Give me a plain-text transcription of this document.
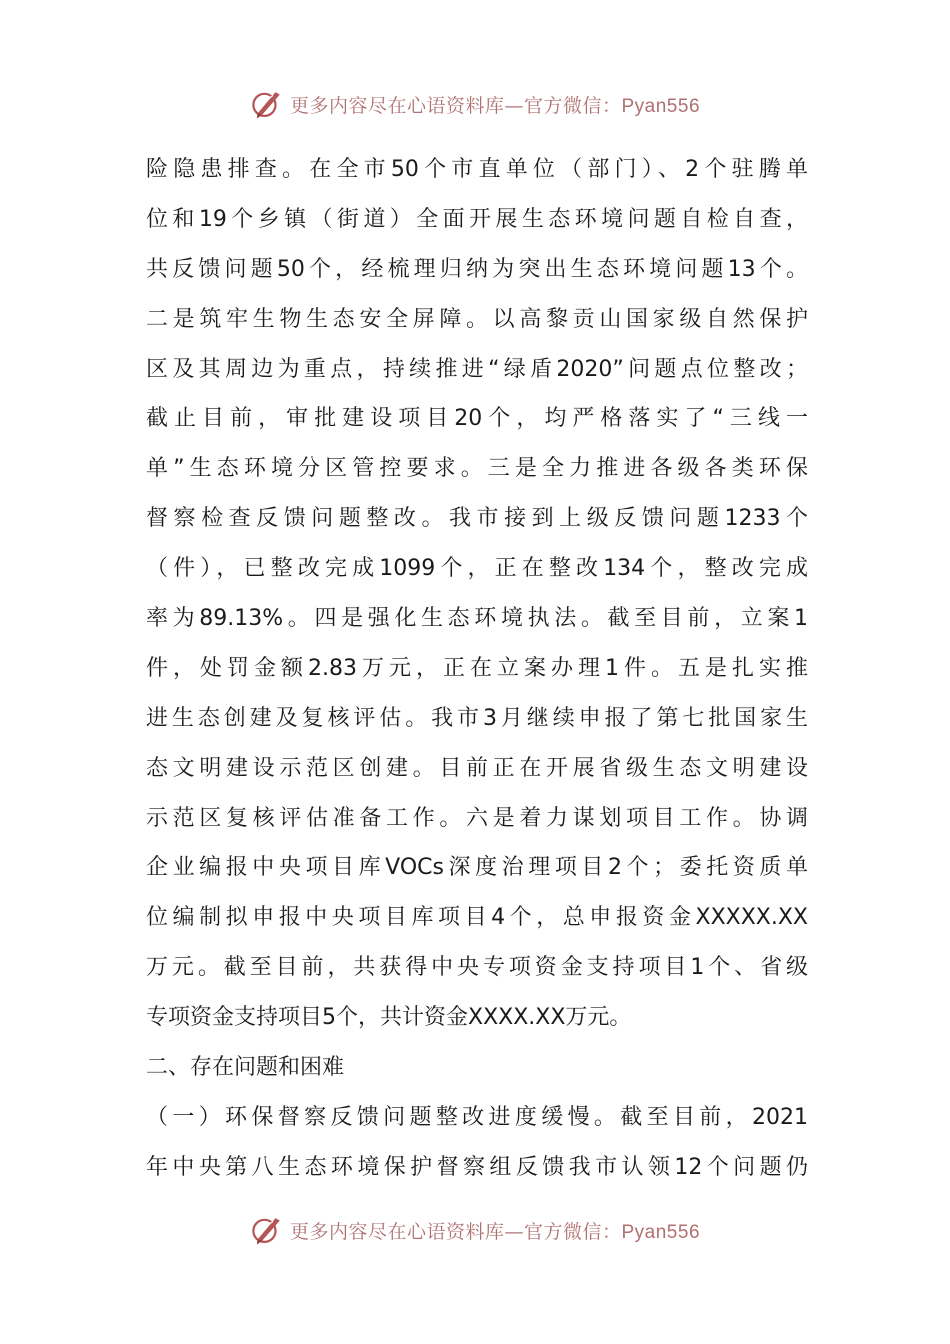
更多内容尽在心语资料库—官方微信：Pyan556
险隐患排查。在全市50个市直单位（部门）、2个驻腾单
位和19个乡镇（街道）全面开展生态环境问题自检自查，
共反馈问题50个，经梳理归纳为突出生态环境问题13个。
二是筑牢生物生态安全屏障。以高黎贡山国家级自然保护
区及其周边为重点，持续推进“绿盾2020”问题点位整改；
截止目前，审批建设项目20个，均严格落实了“三线一
单”生态环境分区管控要求。三是全力推进各级各类环保
督察检查反馈问题整改。我市接到上级反馈问题1233个
（件），已整改完成1099个，正在整改134个，整改完成
率为89.13%。四是强化生态环境执法。截至目前，立案1
件，处罚金额2.83万元，正在立案办理1件。五是扎实推
进生态创建及复核评估。我市3月继续申报了第七批国家生
态文明建设示范区创建。目前正在开展省级生态文明建设
示范区复核评估准备工作。六是着力谋划项目工作。协调
企业编报中央项目库VOCs深度治理项目2个；委托资质单
位编制拟申报中央项目库项目4个，总申报资金XXXXX.XX
万元。截至目前，共获得中央专项资金支持项目1个、省级
专项资金支持项目5个，共计资金XXXX.XX万元。
二、存在问题和困难
（一）环保督察反馈问题整改进度缓慢。截至目前，2021
年中央第八生态环境保护督察组反馈我市认领12个问题仍
更多内容尽在心语资料库—官方微信：Pyan556
